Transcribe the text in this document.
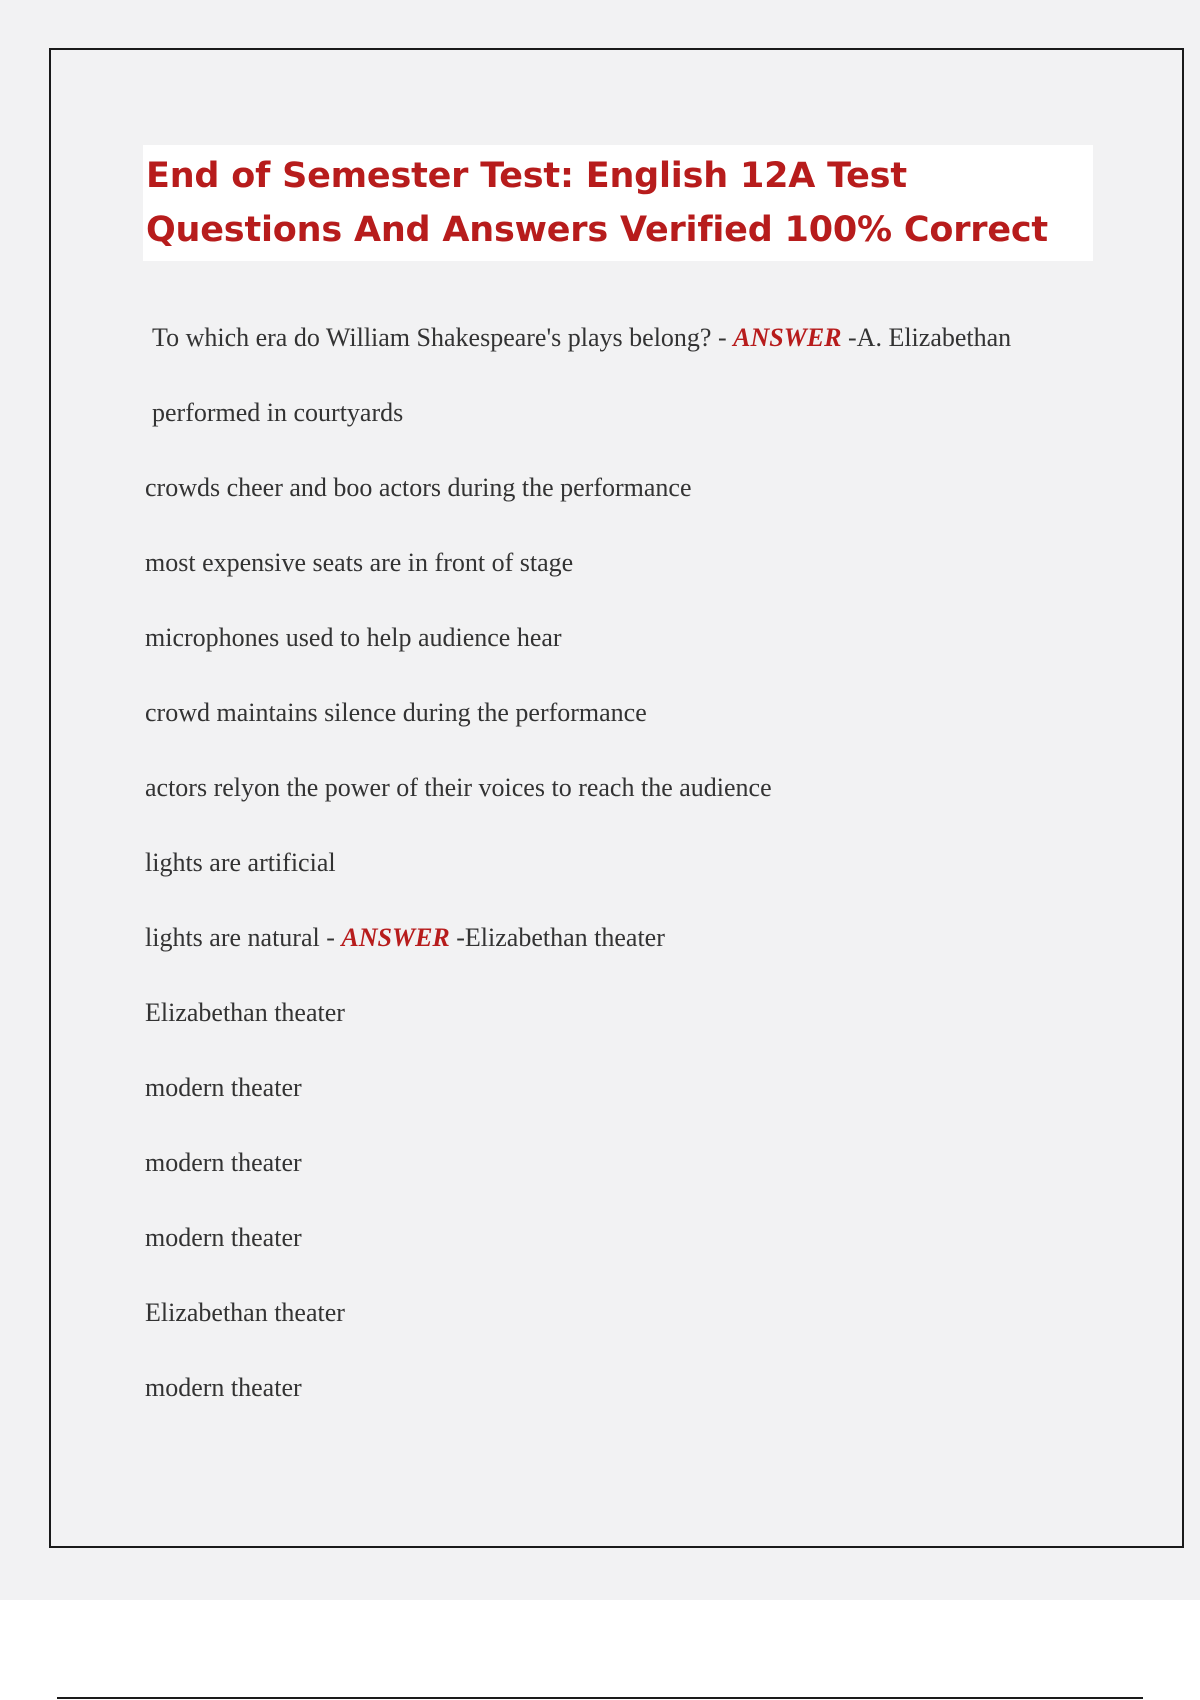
End of Semester Test: English 12A Test Questions And Answers Verified 100% Correct
To which era do William Shakespeare's plays belong? - ANSWER -A. Elizabethan
performed in courtyards
crowds cheer and boo actors during the performance
most expensive seats are in front of stage
microphones used to help audience hear
crowd maintains silence during the performance
actors relyon the power of their voices to reach the audience
lights are artificial
lights are natural - ANSWER -Elizabethan theater
Elizabethan theater
modern theater
modern theater
modern theater
Elizabethan theater
modern theater
